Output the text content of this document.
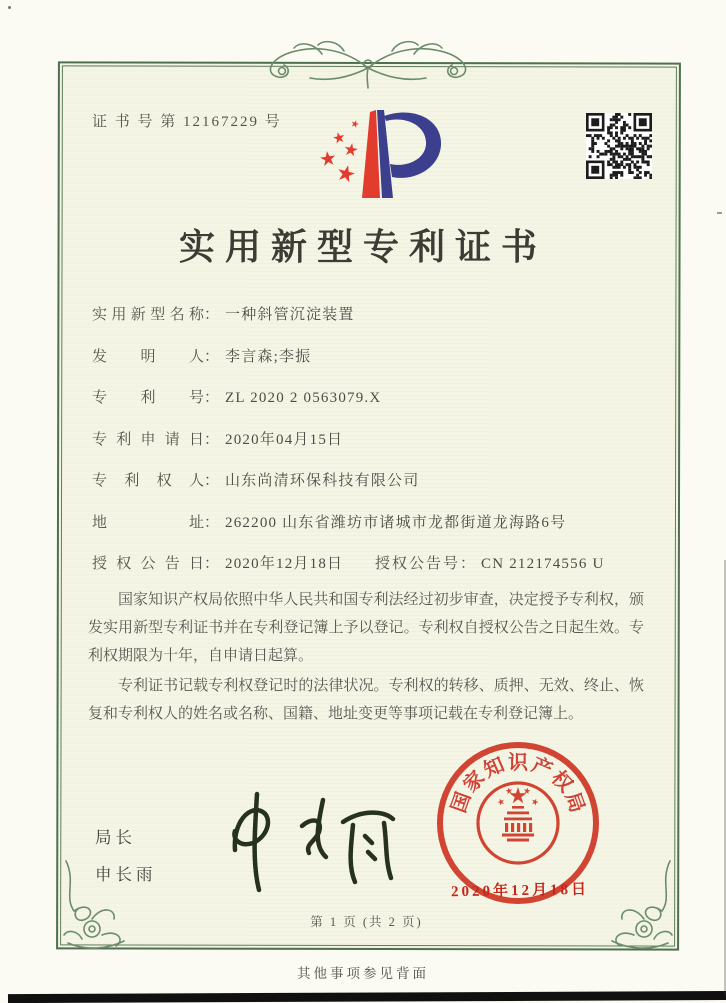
证 书 号 第 12167229 号
实用新型专利证书
实用新型名称： 一种斜管沉淀装置
发明人： 李言森;李振
专利号： ZL 2020 2 0563079.X
专利申请日： 2020年04月15日
专利权人： 山东尚清环保科技有限公司
地址： 262200 山东省潍坊市诸城市龙都街道龙海路6号
授权公告日： 2020年12月18日 授权公告号： CN 212174556 U

国家知识产权局依照中华人民共和国专利法经过初步审查，决定授予专利权，颁发实用新型专利证书并在专利登记簿上予以登记。专利权自授权公告之日起生效。专利权期限为十年，自申请日起算。

专利证书记载专利权登记时的法律状况。专利权的转移、质押、无效、终止、恢复和专利权人的姓名或名称、国籍、地址变更等事项记载在专利登记簿上。

局长
申长雨
国
家
知 识 产
权
局
2020年12月18日
第 1 页 (共 2 页)
其他事项参见背面
